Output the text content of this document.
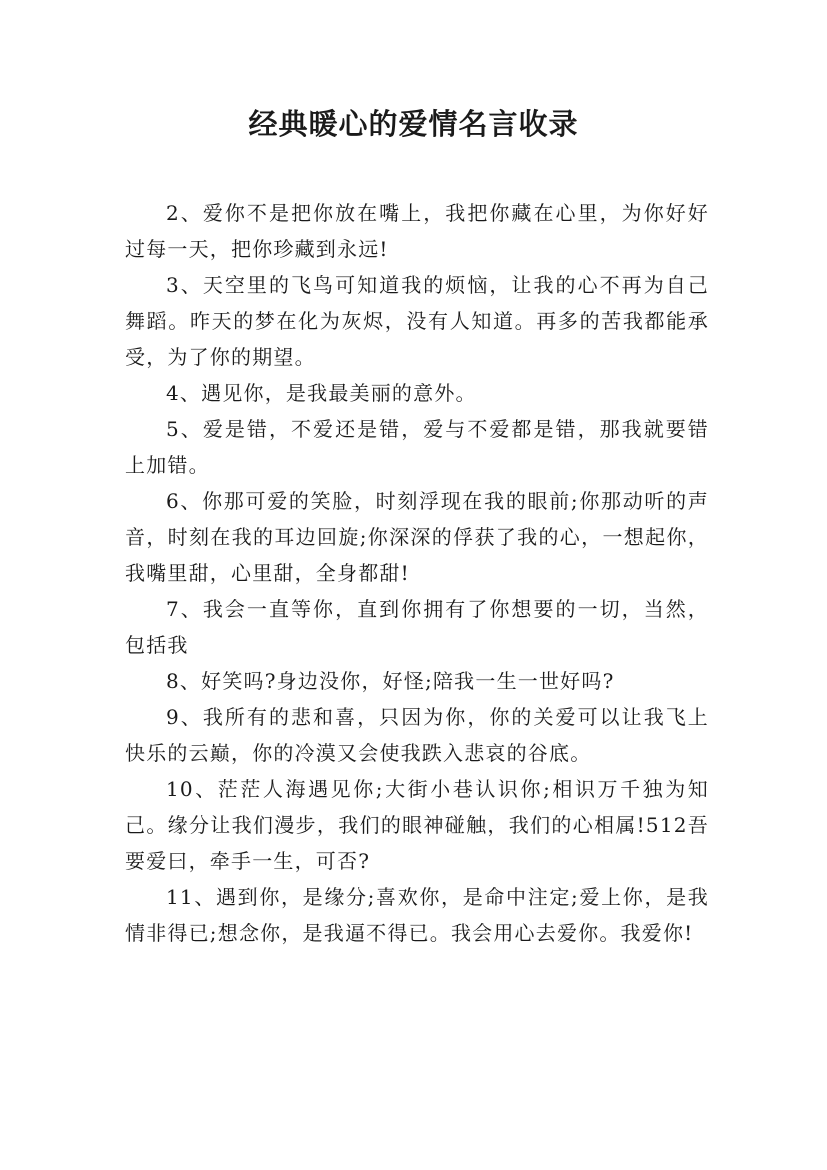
经典暖心的爱情名言收录

2、爱你不是把你放在嘴上，我把你藏在心里，为你好好过每一天，把你珍藏到永远!

3、天空里的飞鸟可知道我的烦恼，让我的心不再为自己舞蹈。昨天的梦在化为灰烬，没有人知道。再多的苦我都能承受，为了你的期望。

4、遇见你，是我最美丽的意外。

5、爱是错，不爱还是错，爱与不爱都是错，那我就要错上加错。

6、你那可爱的笑脸，时刻浮现在我的眼前;你那动听的声音，时刻在我的耳边回旋;你深深的俘获了我的心，一想起你，我嘴里甜，心里甜，全身都甜!

7、我会一直等你，直到你拥有了你想要的一切，当然，包括我

8、好笑吗?身边没你，好怪;陪我一生一世好吗?

9、我所有的悲和喜，只因为你，你的关爱可以让我飞上快乐的云巅，你的冷漠又会使我跌入悲哀的谷底。

10、茫茫人海遇见你;大街小巷认识你;相识万千独为知己。缘分让我们漫步，我们的眼神碰触，我们的心相属!512吾要爱曰，牵手一生，可否?

11、遇到你，是缘分;喜欢你，是命中注定;爱上你，是我情非得已;想念你，是我逼不得已。我会用心去爱你。我爱你!
